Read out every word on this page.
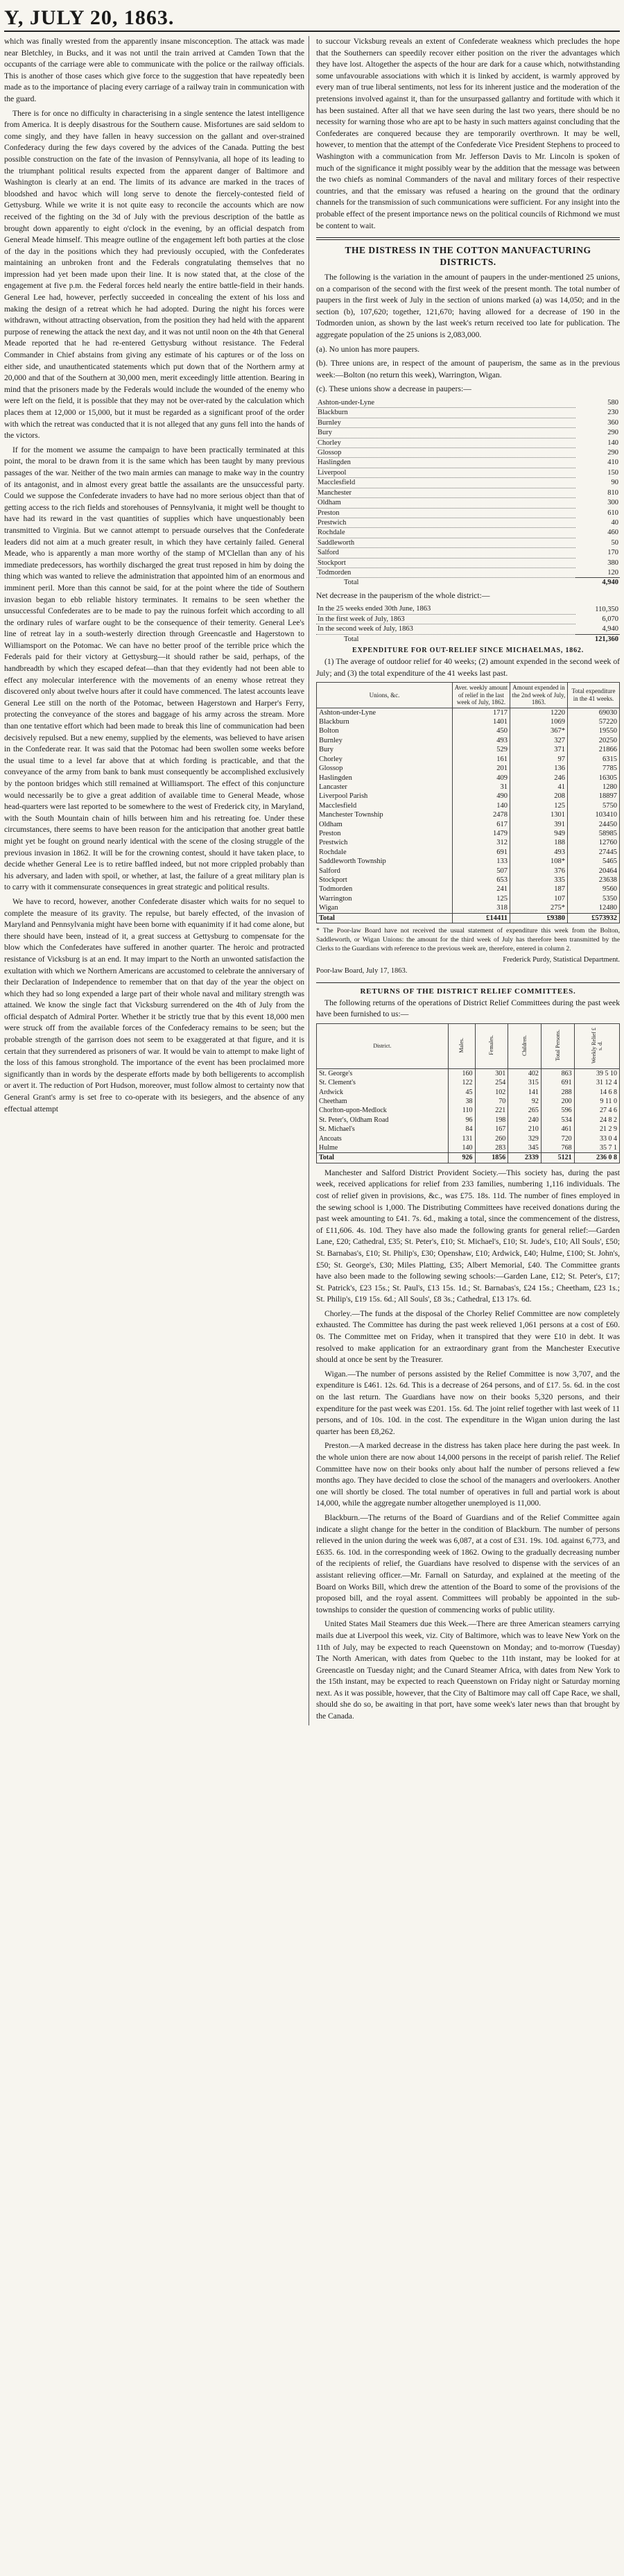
Y, JULY 20, 1863.

which was finally wrested from the apparently insane misconception. The attack was made near Bletchley, in Bucks, and it was not until the train arrived at Camden Town that the occupants of the carriage were able to communicate with the police or the railway officials. This is another of those cases which give force to the suggestion that have repeatedly been made as to the importance of placing every carriage of a railway train in communication with the guard.

There is for once no difficulty in characterising in a single sentence the latest intelligence from America. It is deeply disastrous for the Southern cause. Misfortunes are said seldom to come singly, and they have fallen in heavy succession on the gallant and over-strained Confederacy during the few days covered by the advices of the Canada. Putting the best possible construction on the fate of the invasion of Pennsylvania, all hope of its leading to the triumphant political results expected from the apparent danger of Baltimore and Washington is clearly at an end. The limits of its advance are marked in the traces of bloodshed and havoc which will long serve to denote the fiercely-contested field of Gettysburg. While we write it is not quite easy to reconcile the accounts which are now received of the fighting on the 3d of July with the previous description of the battle as brought down apparently to eight o'clock in the evening, by an official despatch from General Meade himself. This meagre outline of the engagement left both parties at the close of the day in the positions which they had previously occupied, with the Confederates maintaining an unbroken front and the Federals congratulating themselves that no impression had yet been made upon their line. It is now stated that, at the close of the engagement at five p.m. the Federal forces held nearly the entire battle-field in their hands. General Lee had, however, perfectly succeeded in concealing the extent of his loss and making the design of a retreat which he had adopted. During the night his forces were withdrawn, without attracting observation, from the position they had held with the apparent purpose of renewing the attack the next day, and it was not until noon on the 4th that General Meade reported that he had re-entered Gettysburg without resistance. The Federal Commander in Chief abstains from giving any estimate of his captures or of the loss on either side, and unauthenticated statements which put down that of the Northern army at 20,000 and that of the Southern at 30,000 men, merit exceedingly little attention. Bearing in mind that the prisoners made by the Federals would include the wounded of the enemy who were left on the field, it is possible that they may not be over-rated by the calculation which places them at 12,000 or 15,000, but it must be regarded as a significant proof of the order with which the retreat was conducted that it is not alleged that any guns fell into the hands of the victors.

If for the moment we assume the campaign to have been practically terminated at this point, the moral to be drawn from it is the same which has been taught by many previous passages of the war. Neither of the two main armies can manage to make way in the country of its antagonist, and in almost every great battle the assailants are the unsuccessful party. Could we suppose the Confederate invaders to have had no more serious object than that of getting access to the rich fields and storehouses of Pennsylvania, it might well be thought to have had its reward in the vast quantities of supplies which have unquestionably been transmitted to Virginia. But we cannot attempt to persuade ourselves that the Confederate leaders did not aim at a much greater result, in which they have certainly failed. General Meade, who is apparently a man more worthy of the stamp of M'Clellan than any of his immediate predecessors, has worthily discharged the great trust reposed in him by doing the thing which was wanted to relieve the administration that appointed him of an enormous and imminent peril. More than this cannot be said, for at the point where the tide of Southern invasion began to ebb reliable history terminates. It remains to be seen whether the unsuccessful Confederates are to be made to pay the ruinous forfeit which according to all the ordinary rules of warfare ought to be the consequence of their temerity. General Lee's line of retreat lay in a south-westerly direction through Greencastle and Hagerstown to Williamsport on the Potomac. We can have no better proof of the terrible price which the Federals paid for their victory at Gettysburg—it should rather be said, perhaps, of the handbreadth by which they escaped defeat—than that they evidently had not been able to effect any molecular interference with the movements of an enemy whose retreat they discovered only about twelve hours after it could have commenced. The latest accounts leave General Lee still on the north of the Potomac, between Hagerstown and Harper's Ferry, protecting the conveyance of the stores and baggage of his army across the stream. More than one tentative effort which had been made to break this line of communication had been decisively repulsed. But a new enemy, supplied by the elements, was believed to have arisen in the Confederate rear. It was said that the Potomac had been swollen some weeks before the usual time to a level far above that at which fording is practicable, and that the conveyance of the army from bank to bank must consequently be accomplished exclusively by the pontoon bridges which still remained at Williamsport. The effect of this conjuncture would necessarily be to give a great addition of available time to General Meade, whose head-quarters were last reported to be somewhere to the west of Frederick city, in Maryland, with the South Mountain chain of hills between him and his retreating foe. Under these circumstances, there seems to have been reason for the anticipation that another great battle might yet be fought on ground nearly identical with the scene of the closing struggle of the previous invasion in 1862. It will be for the crowning contest, should it have taken place, to decide whether General Lee is to retire baffled indeed, but not more crippled probably than his adversary, and laden with spoil, or whether, at last, the failure of a great military plan is to carry with it commensurate consequences in great strategic and political results.

We have to record, however, another Confederate disaster which waits for no sequel to complete the measure of its gravity. The repulse, but barely effected, of the invasion of Maryland and Pennsylvania might have been borne with equanimity if it had come alone, but there should have been, instead of it, a great success at Gettysburg to compensate for the blow which the Confederates have suffered in another quarter. The heroic and protracted resistance of Vicksburg is at an end. It may impart to the North an unwonted satisfaction the exultation with which we Northern Americans are accustomed to celebrate the anniversary of their Declaration of Independence to remember that on that day of the year the object on which they had so long expended a large part of their whole naval and military strength was attained. We know the single fact that Vicksburg surrendered on the 4th of July from the official despatch of Admiral Porter. Whether it be strictly true that by this event 18,000 men were struck off from the available forces of the Confederacy remains to be seen; but the probable strength of the garrison does not seem to be exaggerated at that figure, and it is certain that they surrendered as prisoners of war. It would be vain to attempt to make light of the loss of this famous stronghold. The importance of the event has been proclaimed more significantly than in words by the desperate efforts made by both belligerents to accomplish or avert it. The reduction of Port Hudson, moreover, must follow almost to certainty now that General Grant's army is set free to co-operate with its besiegers, and the absence of any effectual attempt

to succour Vicksburg reveals an extent of Confederate weakness which precludes the hope that the Southerners can speedily recover either position on the river the advantages which they have lost. Altogether the aspects of the hour are dark for a cause which, notwithstanding some unfavourable associations with which it is linked by accident, is warmly approved by every man of true liberal sentiments, not less for its inherent justice and the moderation of the pretensions involved against it, than for the unsurpassed gallantry and fortitude with which it has been sustained. After all that we have seen during the last two years, there should be no necessity for warning those who are apt to be hasty in such matters against concluding that the Confederates are conquered because they are temporarily overthrown. It may be well, however, to mention that the attempt of the Confederate Vice President Stephens to proceed to Washington with a communication from Mr. Jefferson Davis to Mr. Lincoln is spoken of much of the significance it might possibly wear by the addition that the message was between the two chiefs as nominal Commanders of the naval and military forces of their respective countries, and that the emissary was refused a hearing on the ground that the ordinary channels for the transmission of such communications were sufficient. For any insight into the probable effect of the present importance news on the political councils of Richmond we must be content to wait.

THE DISTRESS IN THE COTTON MANUFACTURING DISTRICTS.

The following is the variation in the amount of paupers in the under-mentioned 25 unions, on a comparison of the second with the first week of the present month. The total number of paupers in the first week of July in the section of unions marked (a) was 14,050; and in the section (b), 107,620; together, 121,670; having allowed for a decrease of 190 in the Todmorden union, as shown by the last week's return received too late for publication. The aggregate population of the 25 unions is 2,083,000.

(a). No union has more paupers.

(b). Three unions are, in respect of the amount of pauperism, the same as in the previous week:—Bolton (no return this week), Warrington, Wigan.

(c). These unions show a decrease in paupers:—

Ashton-under-Lyne	580
Blackburn	230
Burnley	360
Bury	290
Chorley	140
Glossop	290
Haslingden	410
Liverpool	150
Macclesfield	90
Manchester	810
Oldham	300
Preston	610
Prestwich	40
Rochdale	460
Saddleworth	50
Salford	170
Stockport	380
Todmorden	120
Total	4,940

Net decrease in the pauperism of the whole district:—

In the 25 weeks ended 30th June, 1863	110,350
In the first week of July, 1863	6,070
In the second week of July, 1863	4,940
Total	121,360
EXPENDITURE FOR OUT-RELIEF SINCE MICHAELMAS, 1862.

(1) The average of outdoor relief for 40 weeks; (2) amount expended in the second week of July; and (3) the total expenditure of the 41 weeks last past.

Unions, &c.	Aver. weekly amount of relief in the last week of July, 1862.	Amount expended in the 2nd week of July, 1863.	Total expenditure in the 41 weeks.
Ashton-under-Lyne	1717	1220	69030
Blackburn	1401	1069	57220
Bolton	450	367*	19550
Burnley	493	327	20250
Bury	529	371	21866
Chorley	161	97	6315
Glossop	201	136	7785
Haslingden	409	246	16305
Lancaster	31	41	1280
Liverpool Parish	490	208	18897
Macclesfield	140	125	5750
Manchester Township	2478	1301	103410
Oldham	617	391	24450
Preston	1479	949	58985
Prestwich	312	188	12760
Rochdale	691	493	27445
Saddleworth Township	133	108*	5465
Salford	507	376	20464
Stockport	653	335	23638
Todmorden	241	187	9560
Warrington	125	107	5350
Wigan	318	275*	12480
Total	£14411	£9380	£573932

* The Poor-law Board have not received the usual statement of expenditure this week from the Bolton, Saddleworth, or Wigan Unions: the amount for the third week of July has therefore been transmitted by the Clerks to the Guardians with reference to the previous week are, therefore, entered in column 2.

Frederick Purdy, Statistical Department.
Poor-law Board, July 17, 1863.
RETURNS OF THE DISTRICT RELIEF COMMITTEES.

The following returns of the operations of District Relief Committees during the past week have been furnished to us:—

District.	Males.	Females.	Children.	Total Persons.	Weekly Relief £ s. d.
St. George's	160	301	402	863	39 5 10
St. Clement's	122	254	315	691	31 12 4
Ardwick	45	102	141	288	14 6 8
Cheetham	38	70	92	200	9 11 0
Chorlton-upon-Medlock	110	221	265	596	27 4 6
St. Peter's, Oldham Road	96	198	240	534	24 8 2
St. Michael's	84	167	210	461	21 2 9
Ancoats	131	260	329	720	33 0 4
Hulme	140	283	345	768	35 7 1
Total	926	1856	2339	5121	236 0 8

Manchester and Salford District Provident Society.—This society has, during the past week, received applications for relief from 233 families, numbering 1,116 individuals. The cost of relief given in provisions, &c., was £75. 18s. 11d. The number of fines employed in the sewing school is 1,000. The Distributing Committees have received donations during the past week amounting to £41. 7s. 6d., making a total, since the commencement of the distress, of £11,606. 4s. 10d. They have also made the following grants for general relief:—Garden Lane, £20; Cathedral, £35; St. Peter's, £10; St. Michael's, £10; St. Jude's, £10; All Souls', £50; St. Barnabas's, £10; St. Philip's, £30; Openshaw, £10; Ardwick, £40; Hulme, £100; St. John's, £50; St. George's, £30; Miles Platting, £35; Albert Memorial, £40. The Committee grants have also been made to the following sewing schools:—Garden Lane, £12; St. Peter's, £17; St. Patrick's, £23 15s.; St. Paul's, £13 15s. 1d.; St. Barnabas's, £24 15s.; Cheetham, £23 1s.; St. Philip's, £19 15s. 6d.; All Souls', £8 3s.; Cathedral, £13 17s. 6d.

Chorley.—The funds at the disposal of the Chorley Relief Committee are now completely exhausted. The Committee has during the past week relieved 1,061 persons at a cost of £60. 0s. The Committee met on Friday, when it transpired that they were £10 in debt. It was resolved to make application for an extraordinary grant from the Manchester Executive should at once be sent by the Treasurer.

Wigan.—The number of persons assisted by the Relief Committee is now 3,707, and the expenditure is £461. 12s. 6d. This is a decrease of 264 persons, and of £17. 5s. 6d. in the cost on the last return. The Guardians have now on their books 5,320 persons, and their expenditure for the past week was £201. 15s. 6d. The joint relief together with last week of 11 persons, and of 10s. 10d. in the cost. The expenditure in the Wigan union during the last quarter has been £8,262.

Preston.—A marked decrease in the distress has taken place here during the past week. In the whole union there are now about 14,000 persons in the receipt of parish relief. The Relief Committee have now on their books only about half the number of persons relieved a few months ago. They have decided to close the school of the managers and overlookers. Another one will shortly be closed. The total number of operatives in full and partial work is about 14,000, while the aggregate number altogether unemployed is 11,000.

Blackburn.—The returns of the Board of Guardians and of the Relief Committee again indicate a slight change for the better in the condition of Blackburn. The number of persons relieved in the union during the week was 6,087, at a cost of £31. 19s. 10d. against 6,773, and £635. 6s. 10d. in the corresponding week of 1862. Owing to the gradually decreasing number of the recipients of relief, the Guardians have resolved to dispense with the services of an assistant relieving officer.—Mr. Farnall on Saturday, and explained at the meeting of the Board on Works Bill, which drew the attention of the Board to some of the provisions of the proposed bill, and the royal assent. Committees will probably be appointed in the sub-townships to consider the question of commencing works of public utility.

United States Mail Steamers due this Week.—There are three American steamers carrying mails due at Liverpool this week, viz. City of Baltimore, which was to leave New York on the 11th of July, may be expected to reach Queenstown on Monday; and to-morrow (Tuesday) The North American, with dates from Quebec to the 11th instant, may be looked for at Greencastle on Tuesday night; and the Cunard Steamer Africa, with dates from New York to the 15th instant, may be expected to reach Queenstown on Friday night or Saturday morning next. As it was possible, however, that the City of Baltimore may call off Cape Race, we shall, should she do so, be awaiting in that port, have some week's later news than that brought by the Canada.
